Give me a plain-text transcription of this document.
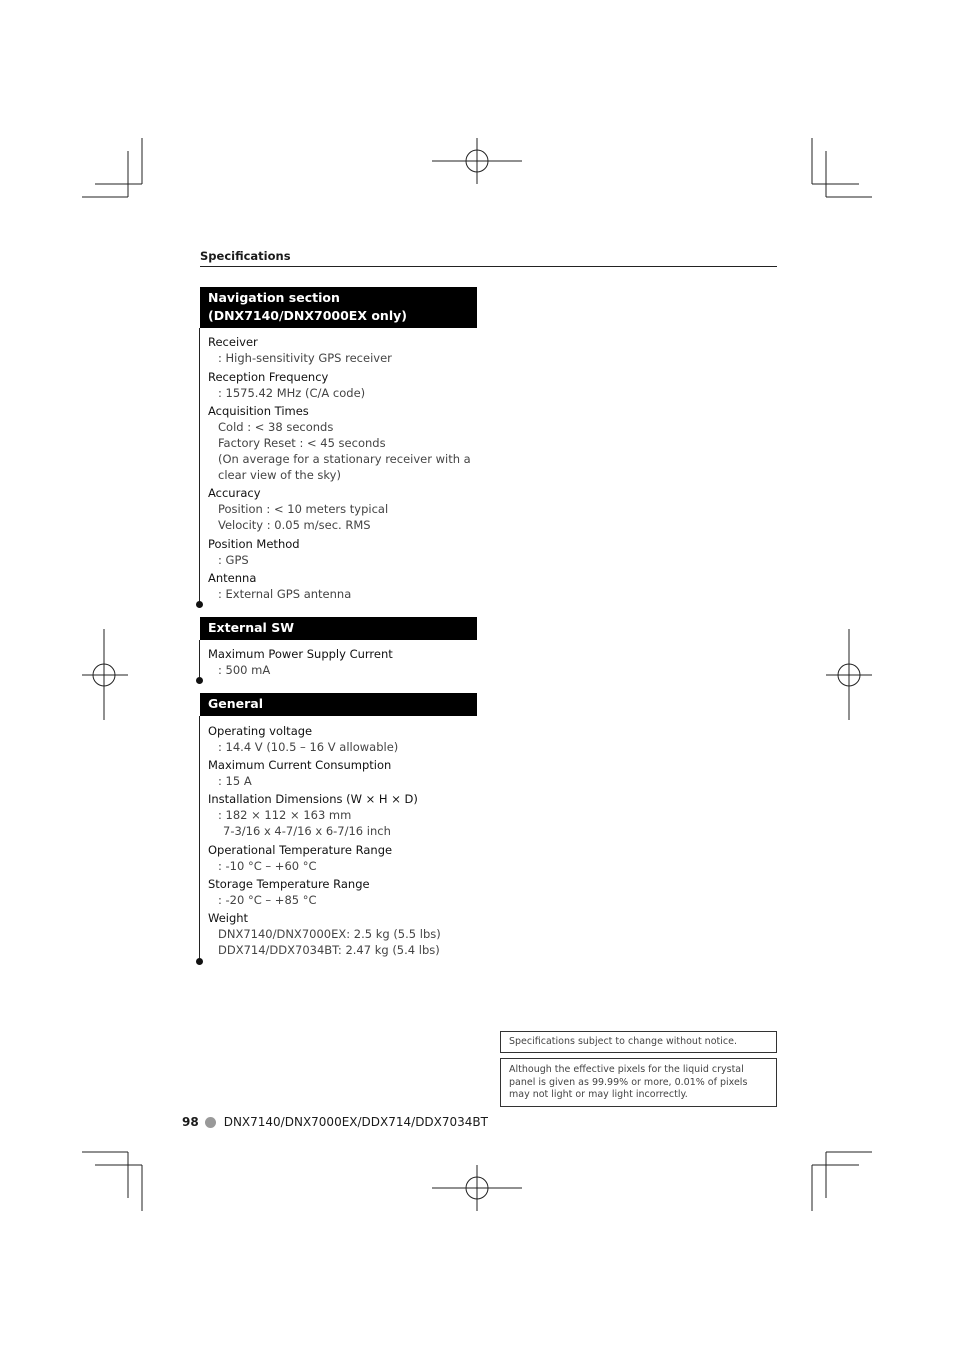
Specifications
Navigation section
(DNX7140/DNX7000EX only)
Receiver
: High-sensitivity GPS receiver
Reception Frequency
: 1575.42 MHz (C/A code)
Acquisition Times
Cold : < 38 seconds
Factory Reset : < 45 seconds
(On average for a stationary receiver with a clear view of the sky)
Accuracy
Position : < 10 meters typical
Velocity : 0.05 m/sec. RMS
Position Method
: GPS
Antenna
: External GPS antenna
External SW
Maximum Power Supply Current
: 500 mA
General
Operating voltage
: 14.4 V (10.5 – 16 V allowable)
Maximum Current Consumption
: 15 A
Installation Dimensions (W × H × D)
: 182 × 112 × 163 mm
7-3/16 x 4-7/16 x 6-7/16 inch
Operational Temperature Range
: -10 °C – +60 °C
Storage Temperature Range
: -20 °C – +85 °C
Weight
DNX7140/DNX7000EX: 2.5 kg (5.5 lbs)
DDX714/DDX7034BT: 2.47 kg (5.4 lbs)
Specifications subject to change without notice.
Although the effective pixels for the liquid crystal panel is given as 99.99% or more, 0.01% of pixels may not light or may light incorrectly.
98 DNX7140/DNX7000EX/DDX714/DDX7034BT
